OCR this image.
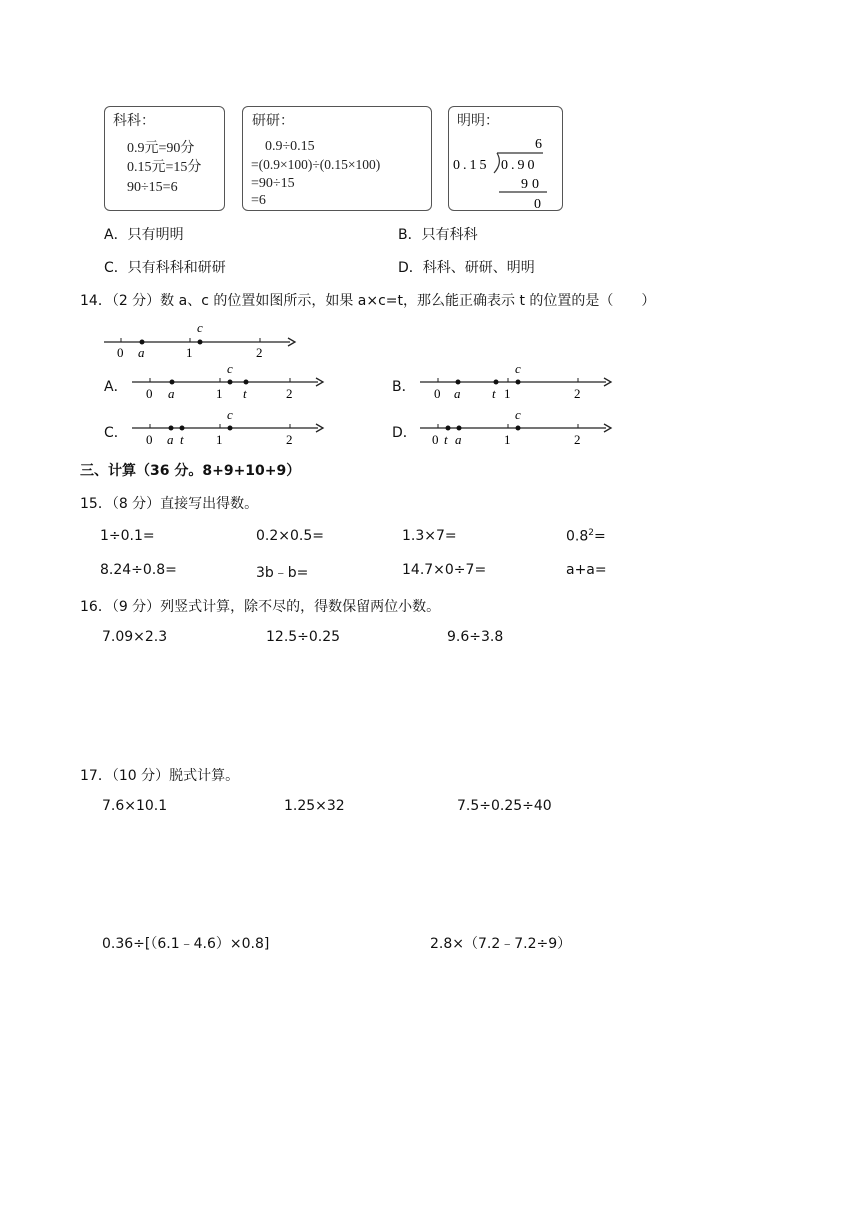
科科：
0.9元=90分
0.15元=15分
90÷15=6
研研：
0.9÷0.15
=(0.9×100)÷(0.15×100)
=90÷15
=6
明明：
6
0.15 0.90
90
0
A．只有明明	B．只有科科
C．只有科科和研研	D．科科、研研、明明
14．（2 分）数 a、c 的位置如图所示，如果 a×c=t，那么能正确表示 t 的位置的是（　　）
0 a	1
c
2
A． 0 a	1
c
t	2	B． 0 a t 1
c
2
C． 0 a t 1
c
2	D． 0 t a	1
c
2
三、计算（36 分。8+9+10+9）
15．（8 分）直接写出得数。
1÷0.1=	0.2×0.5=	1.3×7=	$0.8^2=$
8.24÷0.8=	3b﹣b=	14.7×0÷7=	a+a=
16．（9 分）列竖式计算，除不尽的，得数保留两位小数。
7.09×2.3	12.5÷0.25	9.6÷3.8
17．（10 分）脱式计算。
7.6×10.1	1.25×32	7.5÷0.25÷40
0.36÷[（6.1﹣4.6）×0.8]	2.8×（7.2﹣7.2÷9）
